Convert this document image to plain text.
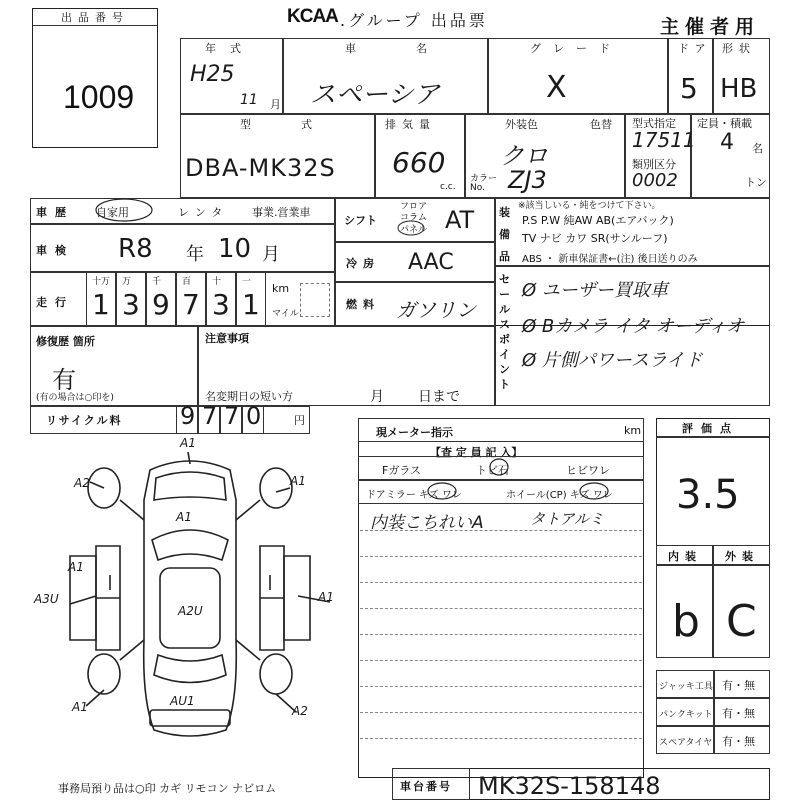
出品番号
1009
KCAA .グループ 出品票	主催者用
年式
H25
11 月
車名
スペーシア
グレード
X
ドア
5
形状
HB
型式
DBA-MK32S
排気量
660
c.c.
外装色	色替
クロ
カラーNo. ZJ3
型式指定
17511
類別区分
0002
定員・積載
4 名
トン
車歴 自家用	レンタ 事業.営業車
車検 R8 年 10 月
走行
十万
1
万
3
千
9
百
7
十
3
一
1 km
マイル
シフト
フロア
コラム
パネル AT
冷房 AAC
燃料 ガソリン
装備品
※該当しいる・純をつけて下さい。
P.S P.W 純AW AB(エアバック)
TV ナビ カワ SR(サンルーフ)
ABS ・ 新車保証書←(注) 後日送りのみ
セールスポイント
Ø ユーザー買取車
Ø Bカメラ イタ オーディオ
Ø 片側パワースライド
修復歴 箇所
有
(有の場合は○印を)
注意事項
名変期日の短い方	月 日まで
リサイクル料 9 7 7 0	円
A1
A2	A1
A1
A3U	A1
A2U
A1	AU1
A2
A1
現メーター指示	km
【査 定 員 記 入】
Fガラス	トビ石	ヒビワレ
ドアミラー キズ ワレ	ホイール(CP) キズ ワレ
内装こちれいA	タトアルミ
評価点
3.5
内装 外装
b C
ジャッキ工具 有・無
パンクキット 有・無
スペアタイヤ 有・無
事務局預り品は○印 カギ リモコン ナビロム	車台番号 MK32S-158148
